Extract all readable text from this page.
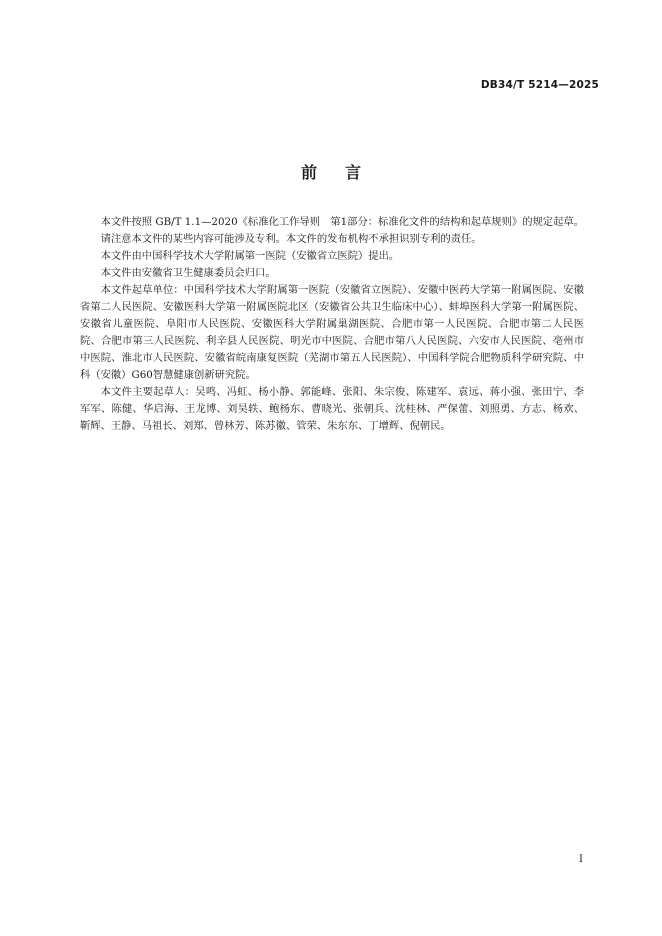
DB34/T 5214—2025
前言

本文件按照 GB/T 1.1—2020《标准化工作导则　第1部分：标准化文件的结构和起草规则》的规定起草。

请注意本文件的某些内容可能涉及专利。本文件的发布机构不承担识别专利的责任。

本文件由中国科学技术大学附属第一医院（安徽省立医院）提出。

本文件由安徽省卫生健康委员会归口。

本文件起草单位：中国科学技术大学附属第一医院（安徽省立医院）、安徽中医药大学第一附属医院、安徽省第二人民医院、安徽医科大学第一附属医院北区（安徽省公共卫生临床中心）、蚌埠医科大学第一附属医院、安徽省儿童医院、阜阳市人民医院、安徽医科大学附属巢湖医院、合肥市第一人民医院、合肥市第二人民医院、合肥市第三人民医院、利辛县人民医院、明光市中医院、合肥市第八人民医院、六安市人民医院、亳州市中医院、淮北市人民医院、安徽省皖南康复医院（芜湖市第五人民医院）、中国科学院合肥物质科学研究院、中科（安徽）G60智慧健康创新研究院。

本文件主要起草人：吴鸣、冯虹、杨小静、郭能峰、张阳、朱宗俊、陈建军、袁远、蒋小强、张田宁、李军军、陈健、华启海、王龙博、刘昊轶、鲍杨东、曹晓光、张朝兵、沈桂林、严保蕾、刘照勇、方志、杨欢、靳辉、王静、马祖长、刘郑、曾林芳、陈苏徽、管荣、朱东东、丁增辉、倪朝民。

I
